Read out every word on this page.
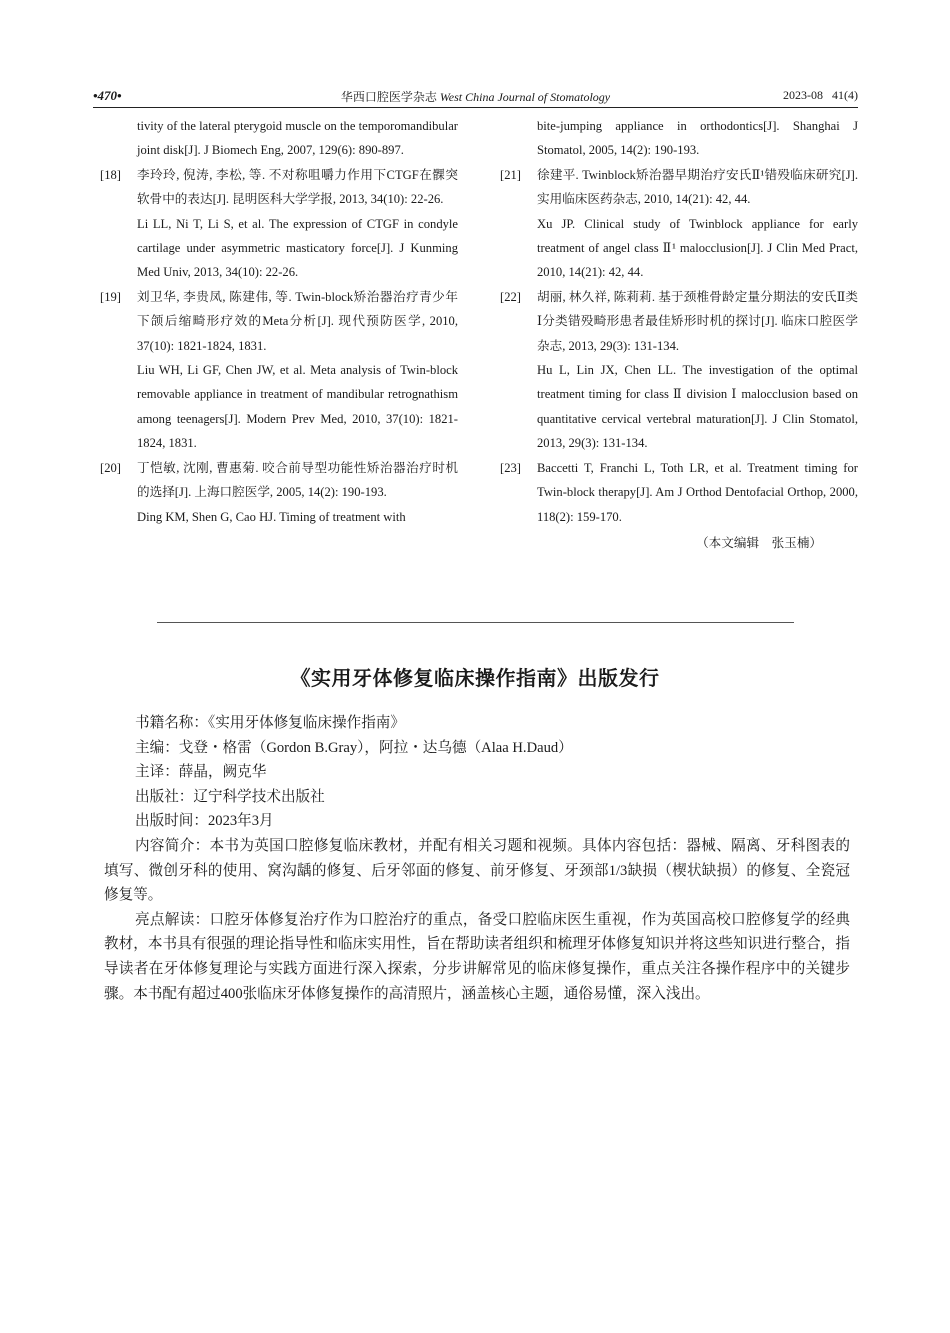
•470•	华西口腔医学杂志 West China Journal of Stomatology	2023-08   41(4)

tivity of the lateral pterygoid muscle on the temporomandibular joint disk[J]. J Biomech Eng, 2007, 129(6): 890-897.

[18] 李玲玲, 倪涛, 李松, 等. 不对称咀嚼力作用下CTGF在髁突软骨中的表达[J]. 昆明医科大学学报, 2013, 34(10): 22-26.

Li LL, Ni T, Li S, et al. The expression of CTGF in condyle cartilage under asymmetric masticatory force[J]. J Kunming Med Univ, 2013, 34(10): 22-26.

[19] 刘卫华, 李贵凤, 陈建伟, 等. Twin-block矫治器治疗青少年下颌后缩畸形疗效的Meta分析[J]. 现代预防医学, 2010, 37(10): 1821-1824, 1831.

Liu WH, Li GF, Chen JW, et al. Meta analysis of Twin-block removable appliance in treatment of mandibular retrognathism among teenagers[J]. Modern Prev Med, 2010, 37(10): 1821-1824, 1831.

[20] 丁恺敏, 沈刚, 曹惠菊. 咬合前导型功能性矫治器治疗时机的选择[J]. 上海口腔医学, 2005, 14(2): 190-193.

Ding KM, Shen G, Cao HJ. Timing of treatment with

bite-jumping appliance in orthodontics[J]. Shanghai J Stomatol, 2005, 14(2): 190-193.

[21] 徐建平. Twinblock矫治器早期治疗安氏Ⅱ¹错殁临床研究[J]. 实用临床医药杂志, 2010, 14(21): 42, 44.

Xu JP. Clinical study of Twinblock appliance for early treatment of angel class Ⅱ¹ malocclusion[J]. J Clin Med Pract, 2010, 14(21): 42, 44.

[22] 胡丽, 林久祥, 陈莉莉. 基于颈椎骨龄定量分期法的安氏Ⅱ类Ⅰ分类错殁畸形患者最佳矫形时机的探讨[J]. 临床口腔医学杂志, 2013, 29(3): 131-134.

Hu L, Lin JX, Chen LL. The investigation of the optimal treatment timing for class Ⅱ division Ⅰ malocclusion based on quantitative cervical vertebral maturation[J]. J Clin Stomatol, 2013, 29(3): 131-134.

[23] Baccetti T, Franchi L, Toth LR, et al. Treatment timing for Twin-block therapy[J]. Am J Orthod Dentofacial Orthop, 2000, 118(2): 159-170.

（本文编辑　张玉楠）
《实用牙体修复临床操作指南》出版发行
书籍名称：《实用牙体修复临床操作指南》
主编：戈登・格雷（Gordon B.Gray），阿拉・达乌德（Alaa H.Daud）
主译：薛晶，阙克华
出版社：辽宁科学技术出版社
出版时间：2023年3月

内容简介：本书为英国口腔修复临床教材，并配有相关习题和视频。具体内容包括：器械、隔离、牙科图表的填写、微创牙科的使用、窝沟龋的修复、后牙邻面的修复、前牙修复、牙颈部1/3缺损（楔状缺损）的修复、全瓷冠修复等。

亮点解读：口腔牙体修复治疗作为口腔治疗的重点，备受口腔临床医生重视，作为英国高校口腔修复学的经典教材，本书具有很强的理论指导性和临床实用性，旨在帮助读者组织和梳理牙体修复知识并将这些知识进行整合，指导读者在牙体修复理论与实践方面进行深入探索，分步讲解常见的临床修复操作，重点关注各操作程序中的关键步骤。本书配有超过400张临床牙体修复操作的高清照片，涵盖核心主题，通俗易懂，深入浅出。
